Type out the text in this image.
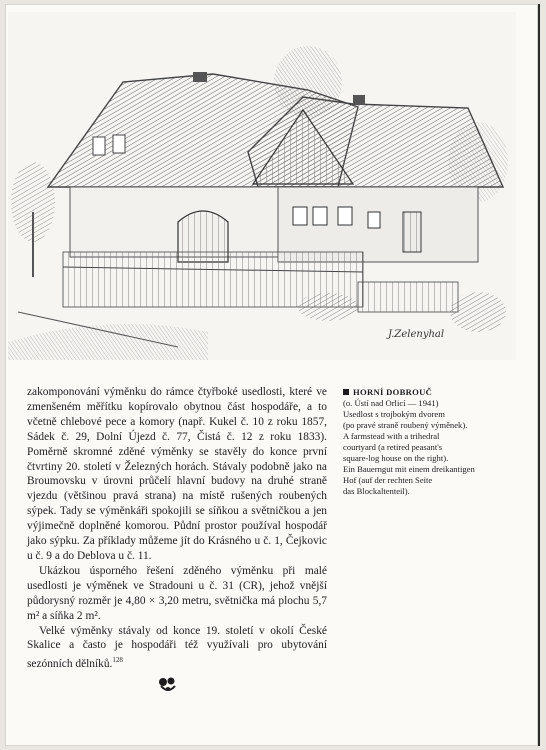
J.Zelenyhal

zakomponování výměnku do rámce čtyřboké usedlosti, které ve zmenšeném měřítku kopírovalo obytnou část hospodáře, a to včetně chlebové pece a komory (např. Kukel č. 10 z roku 1857, Sádek č. 29, Dolní Újezd č. 77, Čistá č. 12 z roku 1833). Poměrně skromné zděné výměnky se stavěly do konce první čtvrtiny 20. století v Železných horách. Stávaly podobně jako na Broumovsku v úrovni průčelí hlavní budovy na druhé straně vjezdu (většinou pravá strana) na místě rušených roubených sýpek. Tady se výměnkáři spokojili se síňkou a světničkou a jen výjimečně doplněné komorou. Půdní prostor používal hospodář jako sýpku. Za příklady můžeme jít do Krásného u č. 1, Čejkovic u č. 9 a do Deblova u č. 11.

Ukázkou úsporného řešení zděného výměnku při malé usedlosti je výměnek ve Stradouni u č. 31 (CR), jehož vnější půdorysný rozměr je 4,80 × 3,20 metru, světnička má plochu 5,7 m² a síňka 2 m².

Velké výměnky stávaly od konce 19. století v okolí České Skalice a často je hospodáři též využívali pro ubytování sezónních dělníků.$^{128}$

HORNÍ DOBROUČ
(o. Ústí nad Orlicí — 1941)
Usedlost s trojbokým dvorem
(po pravé straně roubený výměnek).
A farmstead with a trihedral
courtyard (a retired peasant's
square-log house on the right).
Ein Bauerngut mit einem dreikantigen
Hof (auf der rechten Seite
das Blockaltenteil).
